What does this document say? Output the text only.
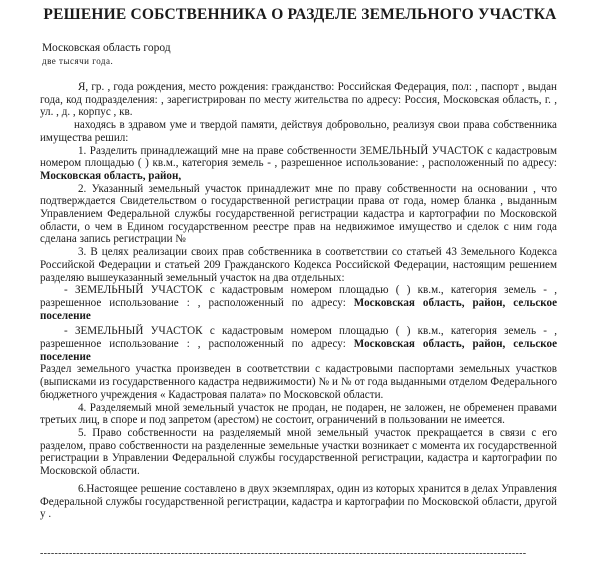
РЕШЕНИЕ СОБСТВЕННИКА О РАЗДЕЛЕ ЗЕМЕЛЬНОГО УЧАСТКА
Московская область город
две тысячи года.

Я, гр. , года рождения, место рождения: гражданство: Российская Федерация, пол: , паспорт , выдан года, код подразделения: , зарегистрирован по месту жительства по адресу: Россия, Московская область, г. , ул. , д. , корпус , кв.

находясь в здравом уме и твердой памяти, действуя добровольно, реализуя свои права собственника имущества решил:

1. Разделить принадлежащий мне на праве собственности ЗЕМЕЛЬНЫЙ УЧАСТОК с кадастровым номером площадью ( ) кв.м., категория земель - , разрешенное использование: , расположенный по адресу: Московская область, район,

2. Указанный земельный участок принадлежит мне по праву собственности на основании , что подтверждается Свидетельством о государственной регистрации права от года, номер бланка , выданным Управлением Федеральной службы государственной регистрации кадастра и картографии по Московской области, о чем в Едином государственном реестре прав на недвижимое имущество и сделок с ним года сделана запись регистрации №

3. В целях реализации своих прав собственника в соответствии со статьей 43 Земельного Кодекса Российской Федерации и статьей 209 Гражданского Кодекса Российской Федерации, настоящим решением разделяю вышеуказанный земельный участок на два отдельных:

- ЗЕМЕЛЬНЫЙ УЧАСТОК с кадастровым номером площадью ( ) кв.м., категория земель - , разрешенное использование : , расположенный по адресу: Московская область, район, сельское поселение

- ЗЕМЕЛЬНЫЙ УЧАСТОК с кадастровым номером площадью ( ) кв.м., категория земель - , разрешенное использование : , расположенный по адресу: Московская область, район, сельское поселение

Раздел земельного участка произведен в соответствии с кадастровыми паспортами земельных участков (выписками из государственного кадастра недвижимости) № и № от года выданными отделом Федерального бюджетного учреждения « Кадастровая палата» по Московской области.

4. Разделяемый мной земельный участок не продан, не подарен, не заложен, не обременен правами третьих лиц, в споре и под запретом (арестом) не состоит, ограничений в пользовании не имеется.

5. Право собственности на разделяемый мной земельный участок прекращается в связи с его разделом, право собственности на разделенные земельные участки возникает с момента их государственной регистрации в Управлении Федеральной службы государственной регистрации, кадастра и картографии по Московской области.

6.Настоящее решение составлено в двух экземплярах, один из которых хранится в делах Управления Федеральной службы государственной регистрации, кадастра и картографии по Московской области, другой у .

--------------------------------------------------------------------------------------------------------------------------------------
